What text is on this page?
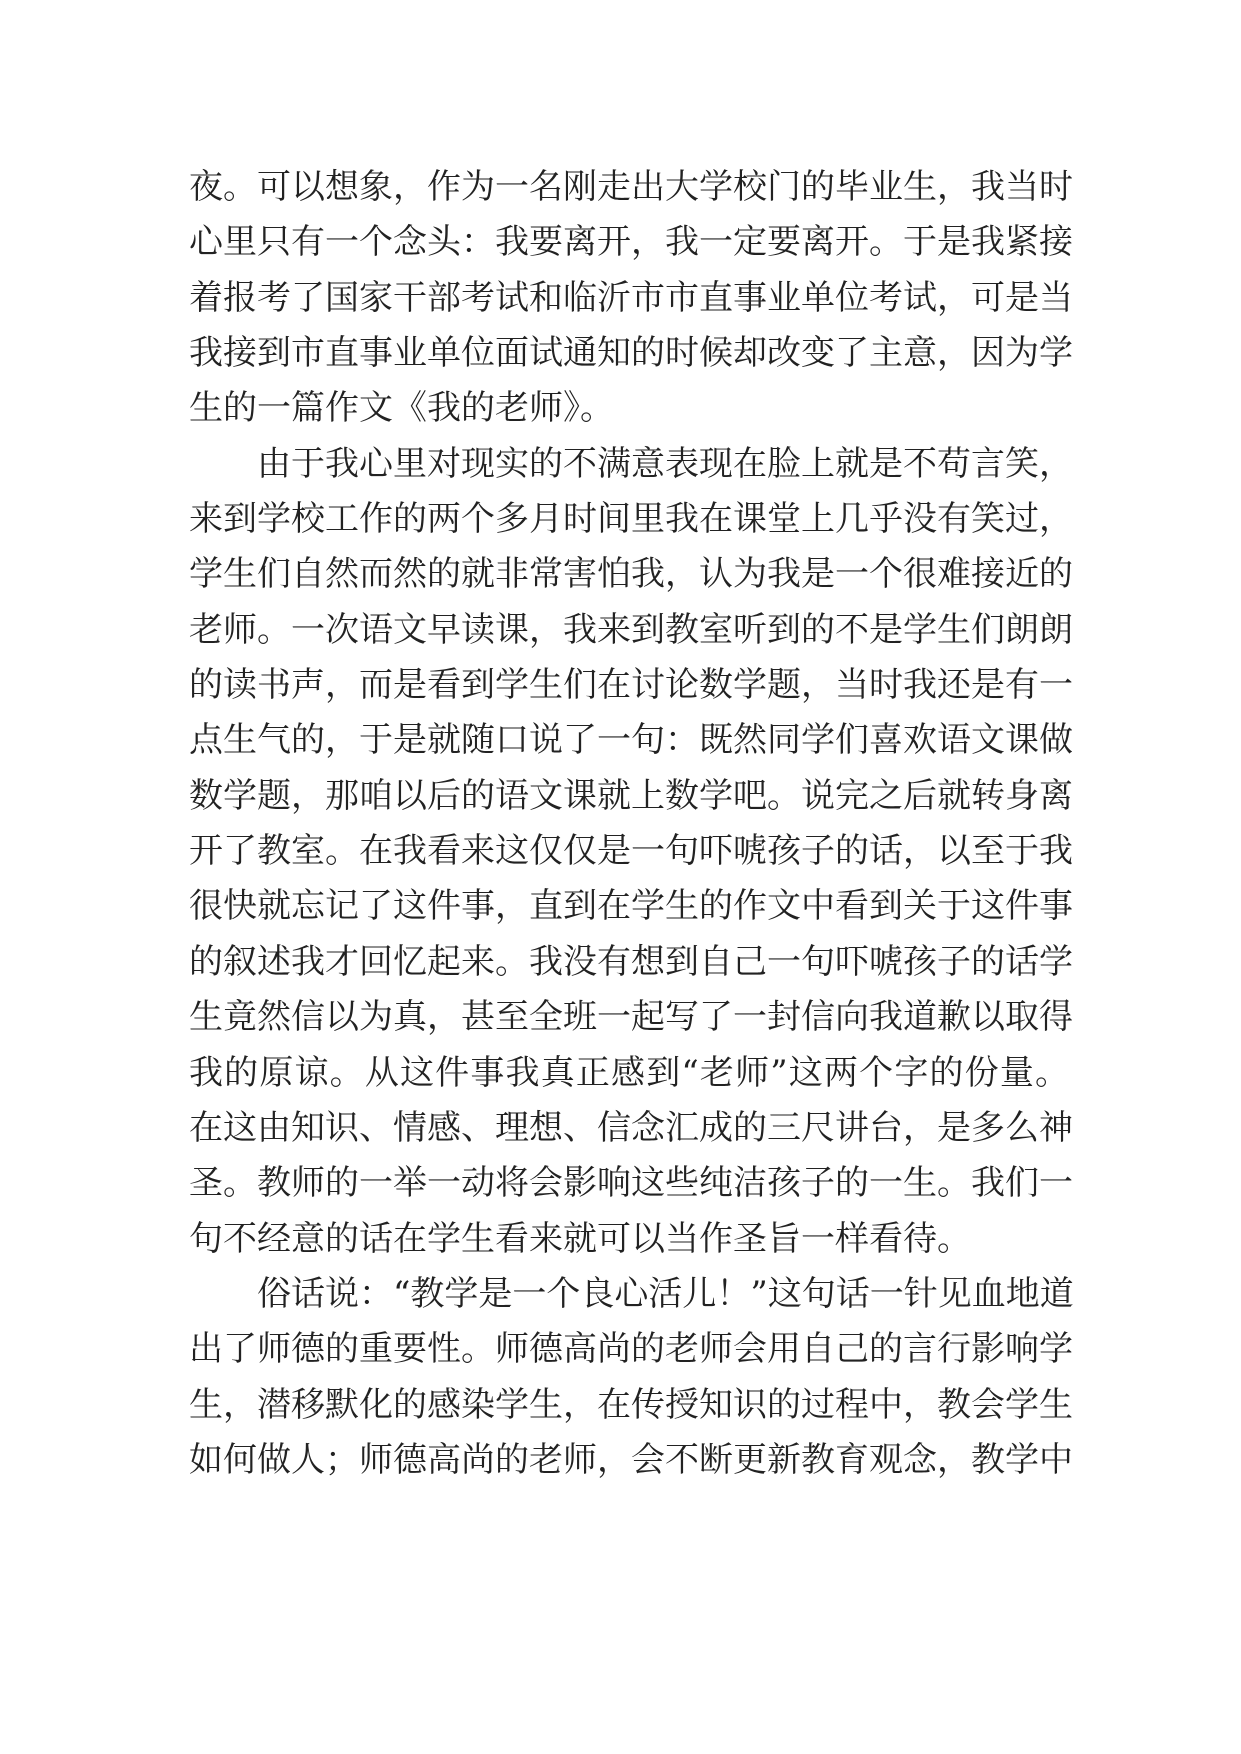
夜。可以想象，作为一名刚走出大学校门的毕业生，我当时
心里只有一个念头：我要离开，我一定要离开。于是我紧接
着报考了国家干部考试和临沂市市直事业单位考试，可是当
我接到市直事业单位面试通知的时候却改变了主意，因为学
生的一篇作文《我的老师》。
由于我心里对现实的不满意表现在脸上就是不苟言笑，
来到学校工作的两个多月时间里我在课堂上几乎没有笑过，
学生们自然而然的就非常害怕我，认为我是一个很难接近的
老师。一次语文早读课，我来到教室听到的不是学生们朗朗
的读书声，而是看到学生们在讨论数学题，当时我还是有一
点生气的，于是就随口说了一句：既然同学们喜欢语文课做
数学题，那咱以后的语文课就上数学吧。说完之后就转身离
开了教室。在我看来这仅仅是一句吓唬孩子的话，以至于我
很快就忘记了这件事，直到在学生的作文中看到关于这件事
的叙述我才回忆起来。我没有想到自己一句吓唬孩子的话学
生竟然信以为真，甚至全班一起写了一封信向我道歉以取得
我的原谅。从这件事我真正感到“老师”这两个字的份量。
在这由知识、情感、理想、信念汇成的三尺讲台，是多么神
圣。教师的一举一动将会影响这些纯洁孩子的一生。我们一
句不经意的话在学生看来就可以当作圣旨一样看待。
俗话说：“教学是一个良心活儿！”这句话一针见血地道
出了师德的重要性。师德高尚的老师会用自己的言行影响学
生，潜移默化的感染学生，在传授知识的过程中，教会学生
如何做人；师德高尚的老师，会不断更新教育观念，教学中
